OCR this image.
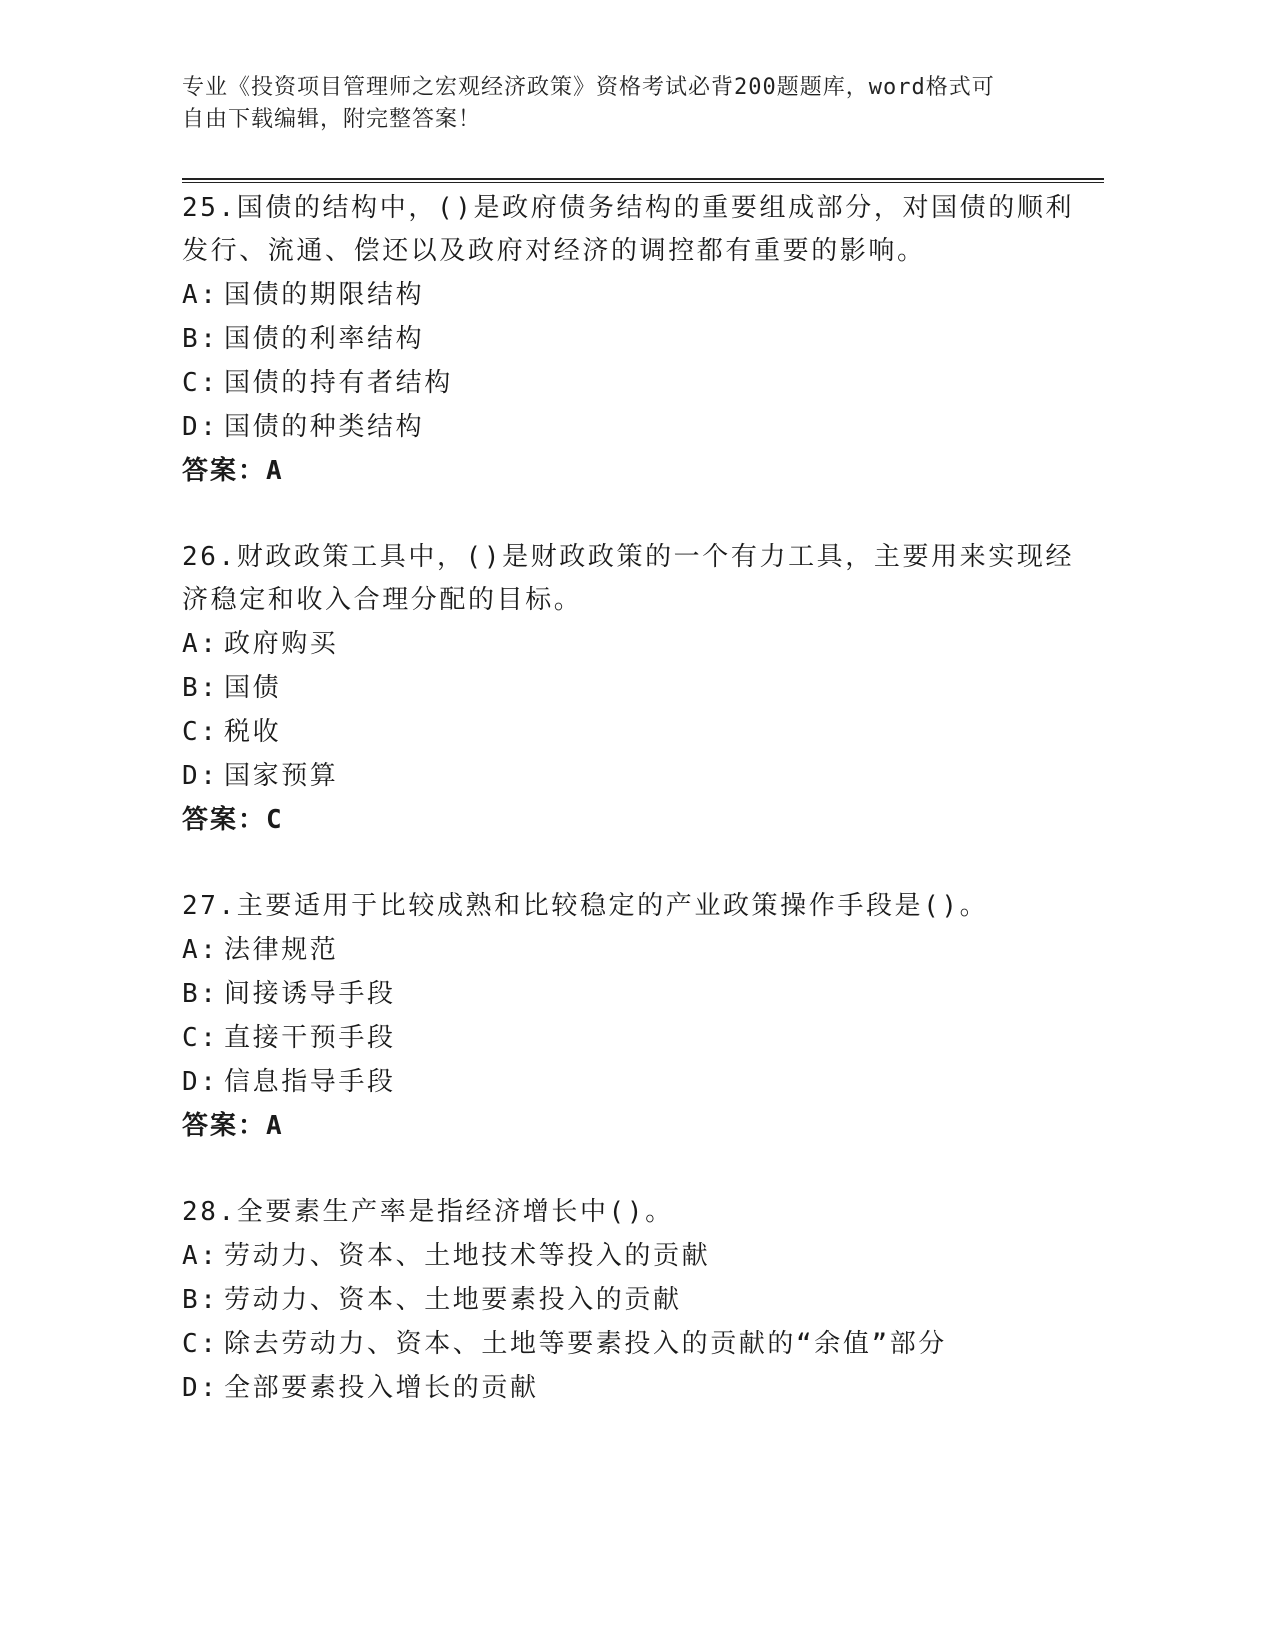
专业《投资项目管理师之宏观经济政策》资格考试必背200题题库，word格式可
自由下载编辑，附完整答案！
25.国债的结构中，()是政府债务结构的重要组成部分，对国债的顺利
发行、流通、偿还以及政府对经济的调控都有重要的影响。
A: 国债的期限结构
B: 国债的利率结构
C: 国债的持有者结构
D: 国债的种类结构
答案：A
26.财政政策工具中，()是财政政策的一个有力工具，主要用来实现经
济稳定和收入合理分配的目标。
A: 政府购买
B: 国债
C: 税收
D: 国家预算
答案：C
27.主要适用于比较成熟和比较稳定的产业政策操作手段是()。
A: 法律规范
B: 间接诱导手段
C: 直接干预手段
D: 信息指导手段
答案：A
28.全要素生产率是指经济增长中()。
A: 劳动力、资本、土地技术等投入的贡献
B: 劳动力、资本、土地要素投入的贡献
C: 除去劳动力、资本、土地等要素投入的贡献的“余值”部分
D: 全部要素投入增长的贡献
